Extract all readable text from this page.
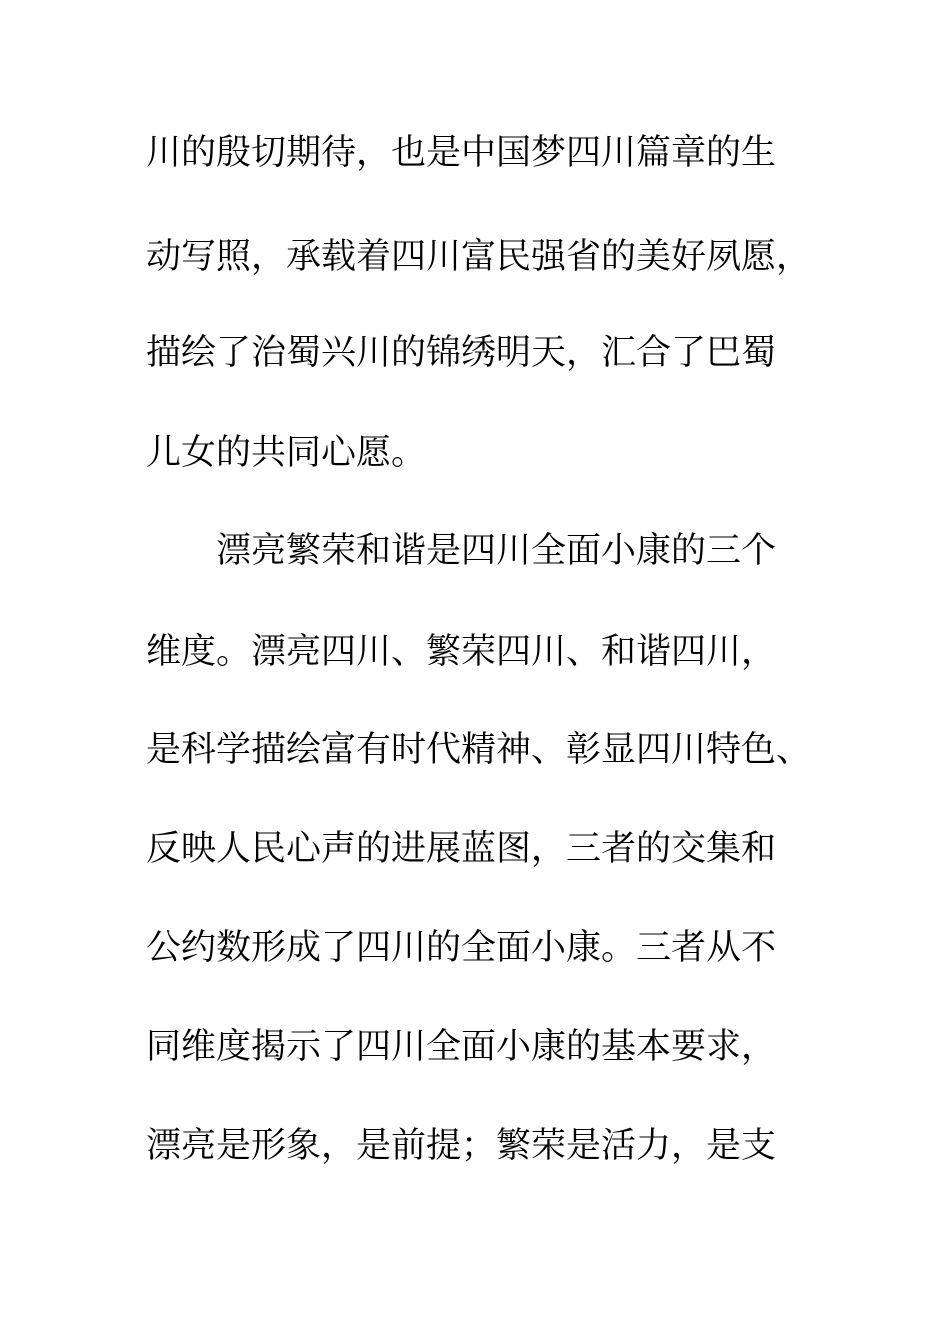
川的殷切期待，也是中国梦四川篇章的生
动写照，承载着四川富民强省的美好夙愿，
描绘了治蜀兴川的锦绣明天，汇合了巴蜀
儿女的共同心愿。
漂亮繁荣和谐是四川全面小康的三个
维度。漂亮四川、繁荣四川、和谐四川，
是科学描绘富有时代精神、彰显四川特色、
反映人民心声的进展蓝图，三者的交集和
公约数形成了四川的全面小康。三者从不
同维度揭示了四川全面小康的基本要求，
漂亮是形象，是前提；繁荣是活力，是支
